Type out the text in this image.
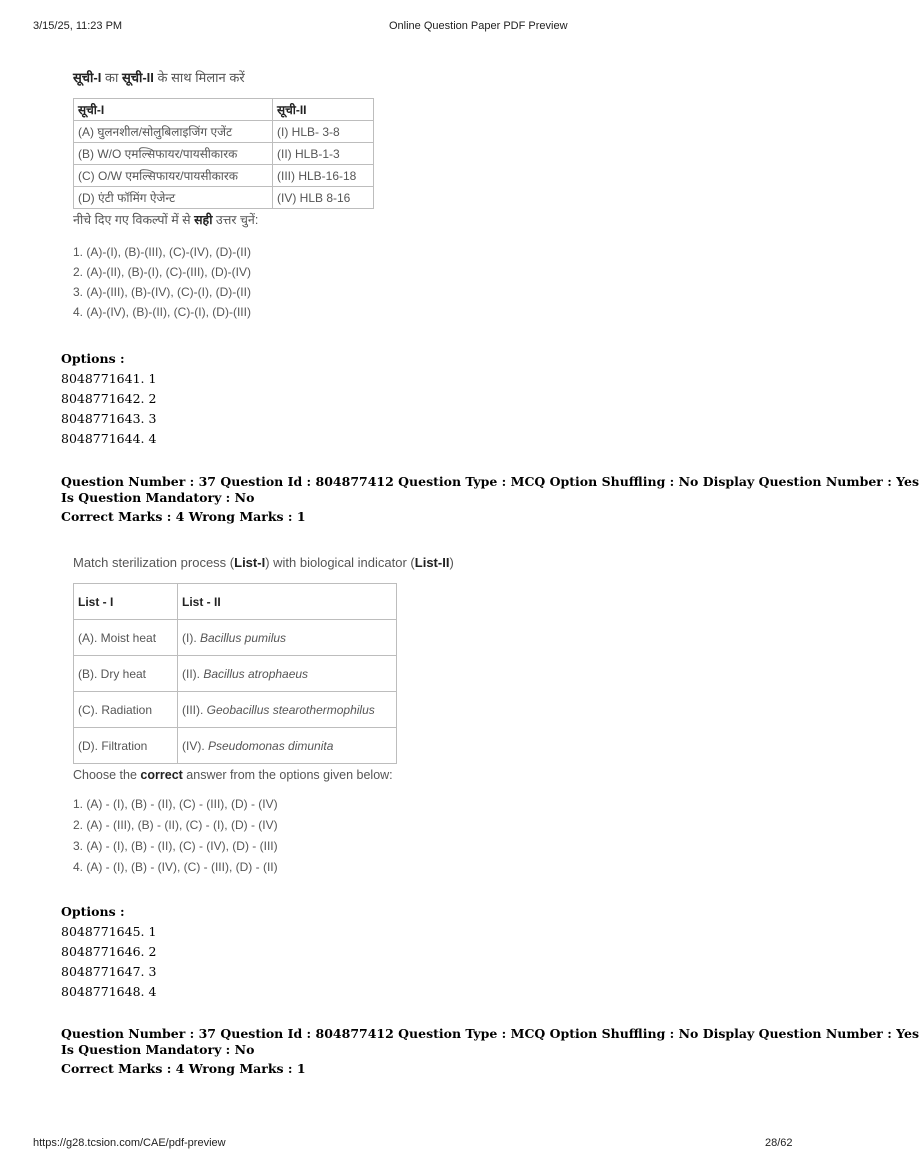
3/15/25, 11:23 PM	Online Question Paper PDF Preview
सूची-I का सूची-II के साथ मिलान करें
सूची-I	सूची-II
(A) घुलनशील/सोलुबिलाइजिंग एजेंट	(I) HLB- 3-8
(B) W/O एमल्सिफायर/पायसीकारक	(II) HLB-1-3
(C) O/W एमल्सिफायर/पायसीकारक	(III) HLB-16-18
(D) एंटी फॉमिंग ऐजेन्ट	(IV) HLB 8-16
नीचे दिए गए विकल्पों में से सही उत्तर चुनें:
1. (A)-(I), (B)-(III), (C)-(IV), (D)-(II)
2. (A)-(II), (B)-(I), (C)-(III), (D)-(IV)
3. (A)-(III), (B)-(IV), (C)-(I), (D)-(II)
4. (A)-(IV), (B)-(II), (C)-(I), (D)-(III)
Options :
8048771641. 1
8048771642. 2
8048771643. 3
8048771644. 4
Question Number : 37 Question Id : 804877412 Question Type : MCQ Option Shuffling : No Display Question Number : Yes
Is Question Mandatory : No
Correct Marks : 4 Wrong Marks : 1
Match sterilization process (List-I) with biological indicator (List-II)
List - I	List - II
(A). Moist heat	(I). Bacillus pumilus
(B). Dry heat	(II). Bacillus atrophaeus
(C). Radiation	(III). Geobacillus stearothermophilus
(D). Filtration	(IV). Pseudomonas dimunita
Choose the correct answer from the options given below:
1. (A) - (I), (B) - (II), (C) - (III), (D) - (IV)
2. (A) - (III), (B) - (II), (C) - (I), (D) - (IV)
3. (A) - (I), (B) - (II), (C) - (IV), (D) - (III)
4. (A) - (I), (B) - (IV), (C) - (III), (D) - (II)
Options :
8048771645. 1
8048771646. 2
8048771647. 3
8048771648. 4
Question Number : 37 Question Id : 804877412 Question Type : MCQ Option Shuffling : No Display Question Number : Yes
Is Question Mandatory : No
Correct Marks : 4 Wrong Marks : 1
https://g28.tcsion.com/CAE/pdf-preview	28/62
